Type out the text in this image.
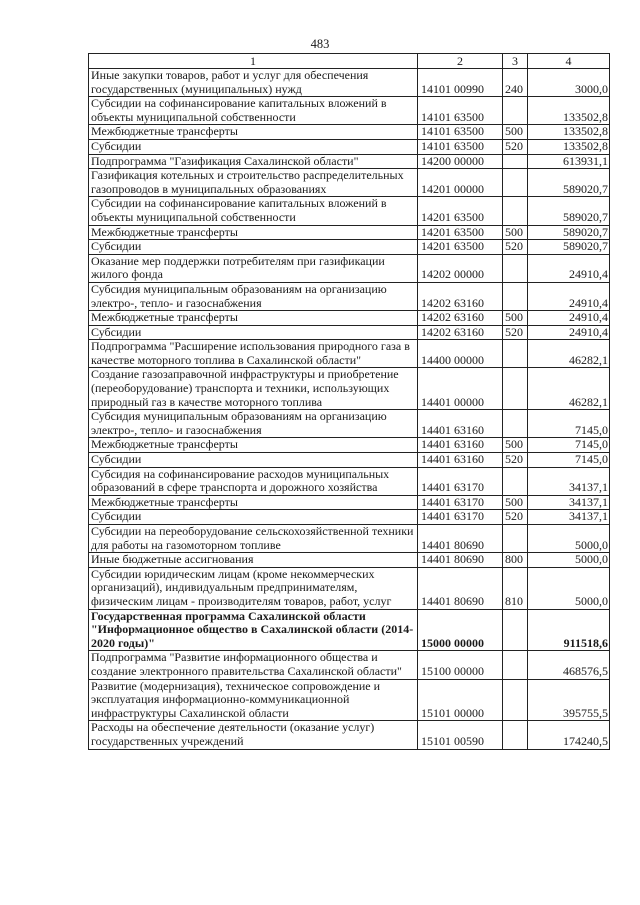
483
1	2	3	4
Иные закупки товаров, работ и услуг для обеспечения государственных (муниципальных) нужд	14101 00990	240	3000,0
Субсидии на софинансирование капитальных вложений в объекты муниципальной собственности	14101 63500		133502,8
Межбюджетные трансферты	14101 63500	500	133502,8
Субсидии	14101 63500	520	133502,8
Подпрограмма "Газификация Сахалинской области"	14200 00000		613931,1
Газификация котельных и строительство распределительных газопроводов в муниципальных образованиях	14201 00000		589020,7
Субсидии на софинансирование капитальных вложений в объекты муниципальной собственности	14201 63500		589020,7
Межбюджетные трансферты	14201 63500	500	589020,7
Субсидии	14201 63500	520	589020,7
Оказание мер поддержки потребителям при газификации жилого фонда	14202 00000		24910,4
Субсидия муниципальным образованиям на организацию электро-, тепло- и газоснабжения	14202 63160		24910,4
Межбюджетные трансферты	14202 63160	500	24910,4
Субсидии	14202 63160	520	24910,4
Подпрограмма "Расширение использования природного газа в качестве моторного топлива в Сахалинской области"	14400 00000		46282,1
Создание газозаправочной инфраструктуры и приобретение (переоборудование) транспорта и техники, использующих природный газ в качестве моторного топлива	14401 00000		46282,1
Субсидия муниципальным образованиям на организацию электро-, тепло- и газоснабжения	14401 63160		7145,0
Межбюджетные трансферты	14401 63160	500	7145,0
Субсидии	14401 63160	520	7145,0
Субсидия на софинансирование расходов муниципальных образований в сфере транспорта и дорожного хозяйства	14401 63170		34137,1
Межбюджетные трансферты	14401 63170	500	34137,1
Субсидии	14401 63170	520	34137,1
Субсидии на переоборудование сельскохозяйственной техники для работы на газомоторном топливе	14401 80690		5000,0
Иные бюджетные ассигнования	14401 80690	800	5000,0
Субсидии юридическим лицам (кроме некоммерческих организаций), индивидуальным предпринимателям, физическим лицам - производителям товаров, работ, услуг	14401 80690	810	5000,0
Государственная программа Сахалинской области "Информационное общество в Сахалинской области (2014-2020 годы)"	15000 00000		911518,6
Подпрограмма "Развитие информационного общества и создание электронного правительства Сахалинской области"	15100 00000		468576,5
Развитие (модернизация), техническое сопровождение и эксплуатация информационно-коммуникационной инфраструктуры Сахалинской области	15101 00000		395755,5
Расходы на обеспечение деятельности (оказание услуг) государственных учреждений	15101 00590		174240,5
